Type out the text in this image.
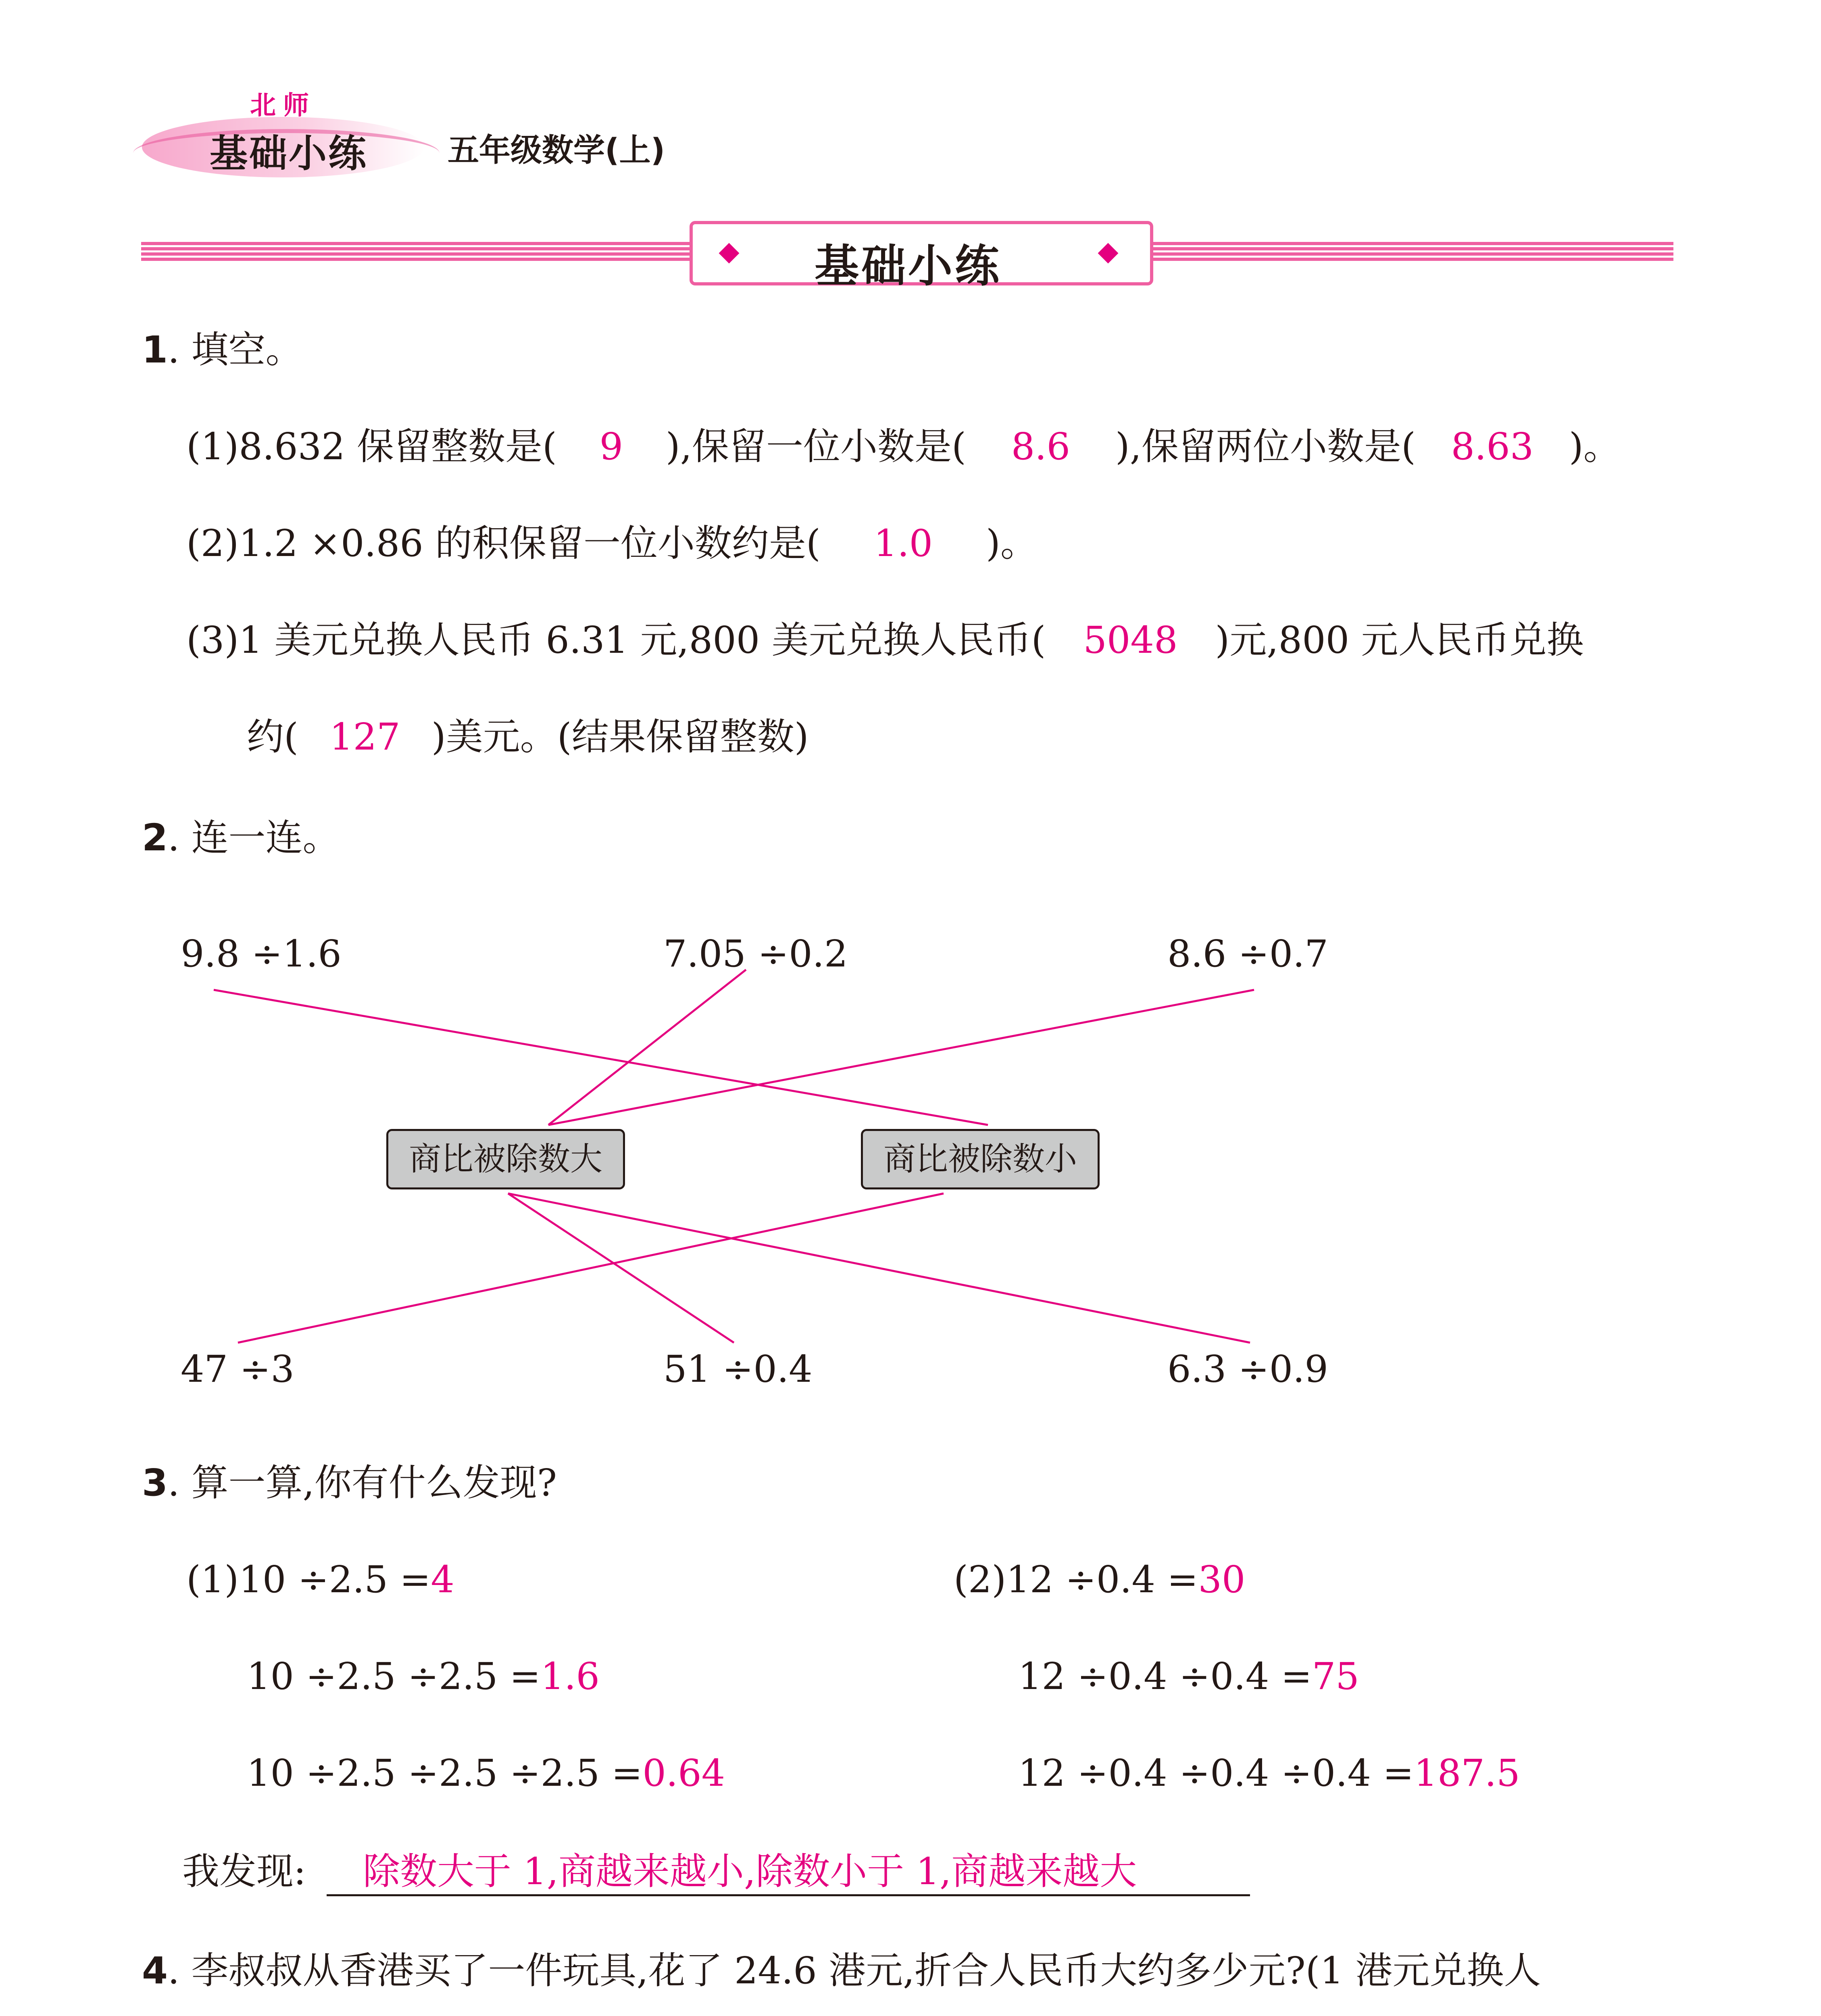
北师
基础小练	五年级数学(上)
基础小练
1. 填空。
(1)8.632 保留整数是( 9 ),保留一位小数是( 8.6 ),保留两位小数是( 8.63 )。
(2)1.2 ×0.86 的积保留一位小数约是( 1.0 )。
(3)1 美元兑换人民币 6.31 元,800 美元兑换人民币( 5048 )元,800 元人民币兑换
约( 127 )美元。(结果保留整数)
2. 连一连。
9.8 ÷1.6	7.05 ÷0.2	8.6 ÷0.7
商比被除数大	商比被除数小
47 ÷3	51 ÷0.4	6.3 ÷0.9
3. 算一算,你有什么发现?
(1)10 ÷2.5 =4
10 ÷2.5 ÷2.5 =1.6
10 ÷2.5 ÷2.5 ÷2.5 =0.64
(2)12 ÷0.4 =30
12 ÷0.4 ÷0.4 =75
12 ÷0.4 ÷0.4 ÷0.4 =187.5
我发现: 除数大于 1,商越来越小,除数小于 1,商越来越大
4. 李叔叔从香港买了一件玩具,花了 24.6 港元,折合人民币大约多少元?(1 港元兑换人
